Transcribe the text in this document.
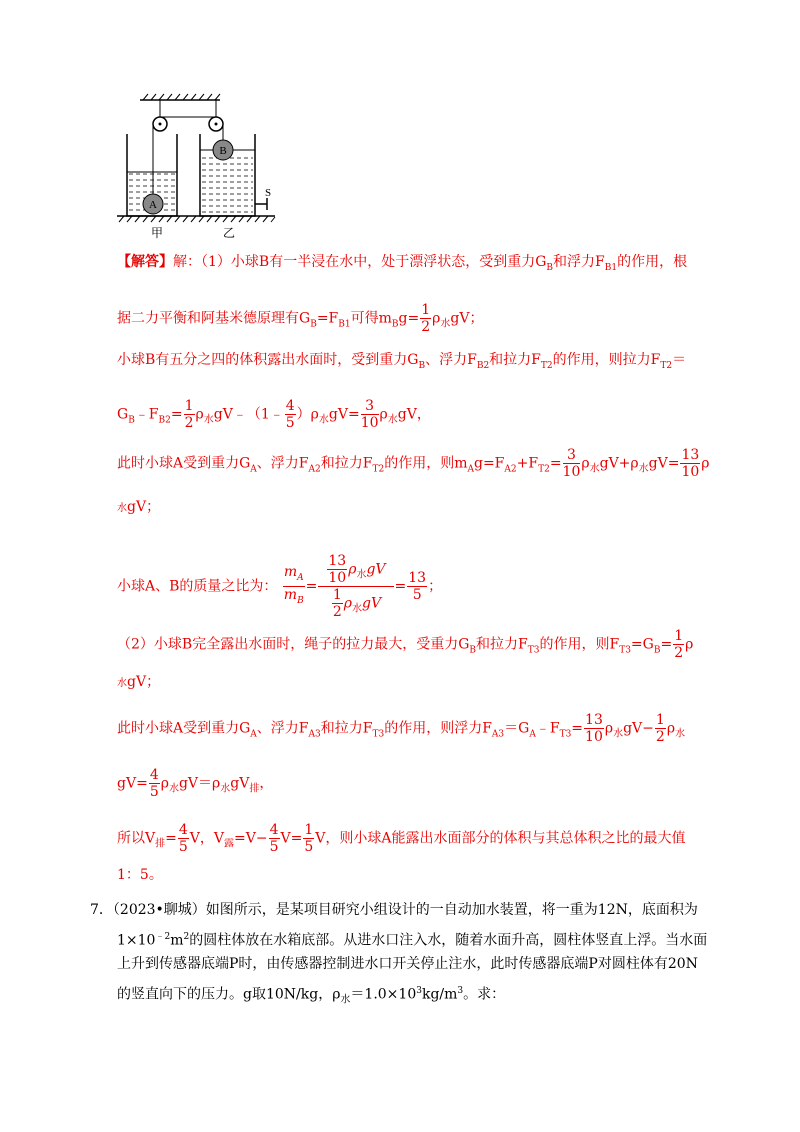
A
B
S
甲	乙
【解答】解：（1）小球B有一半浸在水中，处于漂浮状态，受到重力$G_B$和浮力$F_{B1}$的作用，根
据二力平衡和阿基米德原理有$G_B=F_{B1}$可得$m_Bg= \frac{1}{2} \rho_水gV$；
小球B有五分之四的体积露出水面时，受到重力$G_B$、浮力$F_{B2}$和拉力$F_{T2}$的作用，则拉力$F_{T2}=$
$G_B﹣F_{B2}= \frac{1}{2}$ $\rho_水gV﹣(1﹣ \frac{4}{5} )\rho_水gV= \frac{3}{10} \rho_水gV$，
此时小球A受到重力$G_A$、浮力$F_{A2}$和拉力$F_{T2}$的作用，则$m_Ag=F_{A2}+F_{T2}= \frac{3}{10} \rho_水gV+\rho_水gV= \frac{13}{10}$ ρ
水gV；
小球A、B的质量之比为： $\frac{m_A}{m_B} = \frac{\frac{13}{10} \rho_水gV}{\frac{1}{2} \rho_水gV} = \frac{13}{5}$ ；
（2）小球B完全露出水面时，绳子的拉力最大，受重力$G_B$和拉力$F_{T3}$的作用，则$F_{T3}=G_B= \frac{1}{2}$ ρ
水gV；
此时小球A受到重力$G_A$、浮力$F_{A3}$和拉力$F_{T3}$的作用，则浮力$F_{A3}=G_A﹣F_{T3}= \frac{13}{10} \rho_水gV- \frac{1}{2} \rho_水$
$gV= \frac{4}{5} \rho_水gV=\rho_水gV_排$，
所以$V_排= \frac{4}{5}$ V，$V_露=V- \frac{4}{5} V= \frac{1}{5}$ V，则小球A能露出水面部分的体积与其总体积之比的最大值
1：5。
7．（2023•聊城）如图所示，是某项目研究小组设计的一自动加水装置，将一重为12N，底面积为
$1\times 10^{﹣2}m^2$的圆柱体放在水箱底部。从进水口注入水，随着水面升高，圆柱体竖直上浮。当水面
上升到传感器底端P时，由传感器控制进水口开关停止注水，此时传感器底端P对圆柱体有20N
的竖直向下的压力。g取10N/kg，$\rho_水=1.0\times 10^3kg/m^3$。求：
